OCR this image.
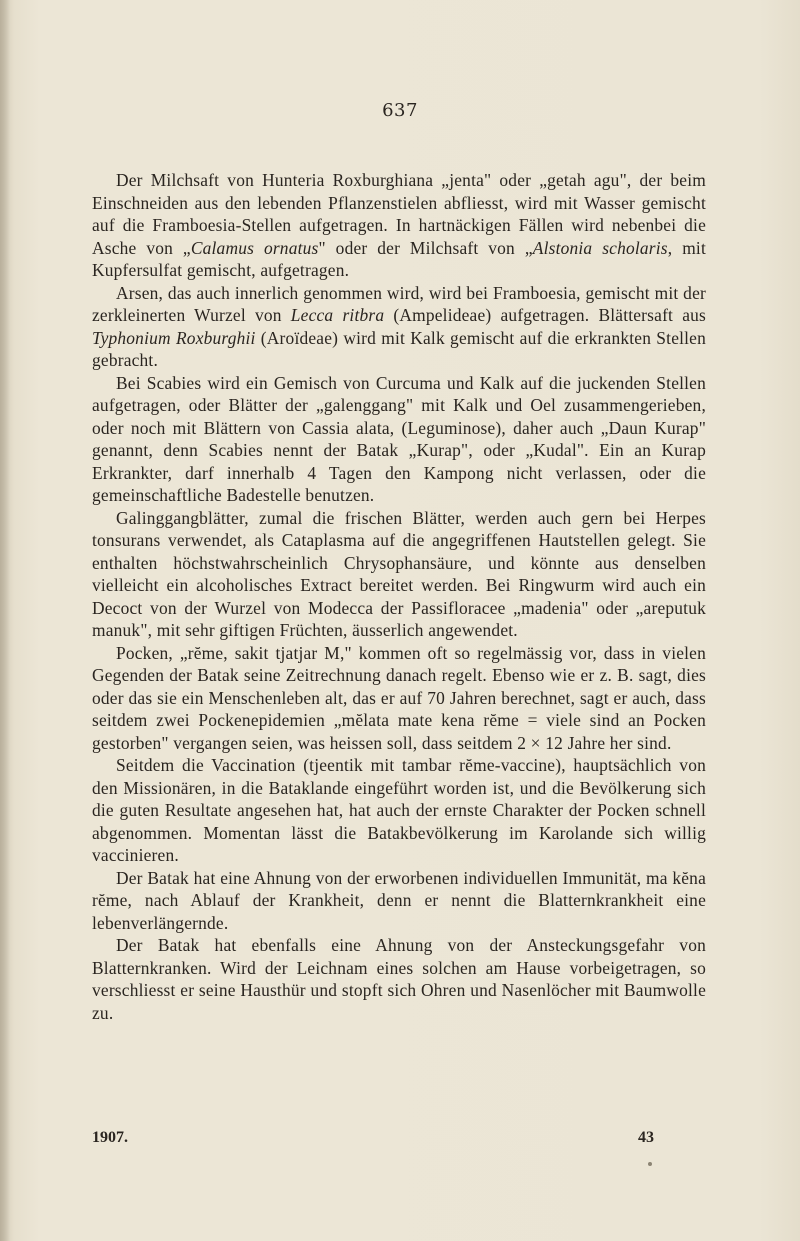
637

Der Milchsaft von Hunteria Roxburghiana „jenta" oder „getah agu", der beim Einschneiden aus den lebenden Pflanzenstielen abfliesst, wird mit Wasser gemischt auf die Framboesia-Stellen aufgetragen. In hartnäckigen Fällen wird nebenbei die Asche von „Calamus ornatus" oder der Milchsaft von „Alstonia scholaris, mit Kupfersulfat gemischt, aufgetragen.

Arsen, das auch innerlich genommen wird, wird bei Framboesia, gemischt mit der zerkleinerten Wurzel von Lecca ritbra (Ampelideae) aufgetragen. Blättersaft aus Typhonium Roxburghii (Aroïdeae) wird mit Kalk gemischt auf die erkrankten Stellen gebracht.

Bei Scabies wird ein Gemisch von Curcuma und Kalk auf die juckenden Stellen aufgetragen, oder Blätter der „galenggang" mit Kalk und Oel zusammengerieben, oder noch mit Blättern von Cassia alata, (Leguminose), daher auch „Daun Kurap" genannt, denn Scabies nennt der Batak „Kurap", oder „Kudal". Ein an Kurap Erkrankter, darf innerhalb 4 Tagen den Kampong nicht verlassen, oder die gemeinschaftliche Badestelle benutzen.

Galinggangblätter, zumal die frischen Blätter, werden auch gern bei Herpes tonsurans verwendet, als Cataplasma auf die angegriffenen Hautstellen gelegt. Sie enthalten höchstwahrscheinlich Chrysophansäure, und könnte aus denselben vielleicht ein alcoholisches Extract bereitet werden. Bei Ringwurm wird auch ein Decoct von der Wurzel von Modecca der Passifloracee „madenia" oder „areputuk manuk", mit sehr giftigen Früchten, äusserlich angewendet.

Pocken, „rĕme, sakit tjatjar M," kommen oft so regelmässig vor, dass in vielen Gegenden der Batak seine Zeitrechnung danach regelt. Ebenso wie er z. B. sagt, dies oder das sie ein Menschenleben alt, das er auf 70 Jahren berechnet, sagt er auch, dass seitdem zwei Pockenepidemien „mĕlata mate kena rĕme = viele sind an Pocken gestorben" vergangen seien, was heissen soll, dass seitdem 2 × 12 Jahre her sind.

Seitdem die Vaccination (tjeentik mit tambar rĕme-vaccine), hauptsächlich von den Missionären, in die Bataklande eingeführt worden ist, und die Bevölkerung sich die guten Resultate angesehen hat, hat auch der ernste Charakter der Pocken schnell abgenommen. Momentan lässt die Batakbevölkerung im Karolande sich willig vaccinieren.

Der Batak hat eine Ahnung von der erworbenen individuellen Immunität, ma kĕna rĕme, nach Ablauf der Krankheit, denn er nennt die Blatternkrankheit eine lebenverlängernde.

Der Batak hat ebenfalls eine Ahnung von der Ansteckungsgefahr von Blatternkranken. Wird der Leichnam eines solchen am Hause vorbeigetragen, so verschliesst er seine Hausthür und stopft sich Ohren und Nasenlöcher mit Baumwolle zu.

1907.	43
